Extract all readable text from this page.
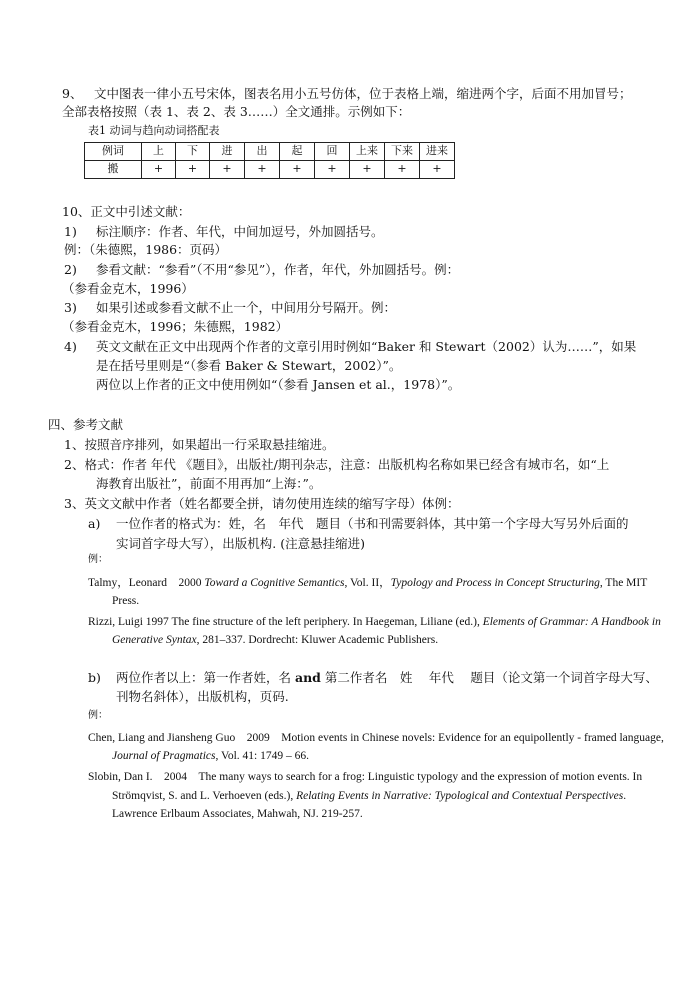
9、 文中图表一律小五号宋体，图表名用小五号仿体，位于表格上端，缩进两个字，后面不用加冒号；
全部表格按照（表 1、表 2、表 3……）全文通排。示例如下：
表1 动词与趋向动词搭配表
例词	上	下	进	出	起	回	上来	下来	进来
搬	+	+	+	+	+	+	+	+	+
10、正文中引述文献：
1) 标注顺序：作者、年代，中间加逗号，外加圆括号。
例：（朱德熙，1986：页码）
2) 参看文献：“参看”（不用“参见”），作者，年代，外加圆括号。例：
（参看金克木，1996）
3) 如果引述或参看文献不止一个，中间用分号隔开。例：
（参看金克木，1996；朱德熙，1982）
4) 英文文献在正文中出现两个作者的文章引用时例如“Baker 和 Stewart（2002）认为……”，如果
是在括号里则是“（参看 Baker & Stewart，2002）”。
两位以上作者的正文中使用例如“（参看 Jansen et al.，1978）”。
四、参考文献
1、按照音序排列，如果超出一行采取悬挂缩进。
2、格式：作者 年代 《题目》，出版社/期刊杂志，注意：出版机构名称如果已经含有城市名，如“上
海教育出版社”，前面不用再加“上海：”。
3、英文文献中作者（姓名都要全拼，请勿使用连续的缩写字母）体例：
a) 一位作者的格式为：姓，名　年代　题目（书和刊需要斜体，其中第一个字母大写另外后面的
实词首字母大写），出版机构. (注意悬挂缩进)
例：
Talmy，Leonard　2000 Toward a Cognitive Semantics, Vol. II，Typology and Process in Concept Structuring, The MIT
Press.
Rizzi, Luigi 1997 The fine structure of the left periphery. In Haegeman, Liliane (ed.), Elements of Grammar: A Handbook in
Generative Syntax, 281–337. Dordrecht: Kluwer Academic Publishers.
b) 两位作者以上：第一作者姓，名 and 第二作者名　姓　 年代　 题目（论文第一个词首字母大写、
刊物名斜体），出版机构，页码.
例：
Chen, Liang and Jiansheng Guo　2009　Motion events in Chinese novels: Evidence for an equipollently - framed language,
Journal of Pragmatics, Vol. 41: 1749 – 66.
Slobin, Dan I.　2004　The many ways to search for a frog: Linguistic typology and the expression of motion events. In
Strömqvist, S. and L. Verhoeven (eds.), Relating Events in Narrative: Typological and Contextual Perspectives.
Lawrence Erlbaum Associates, Mahwah, NJ. 219-257.
